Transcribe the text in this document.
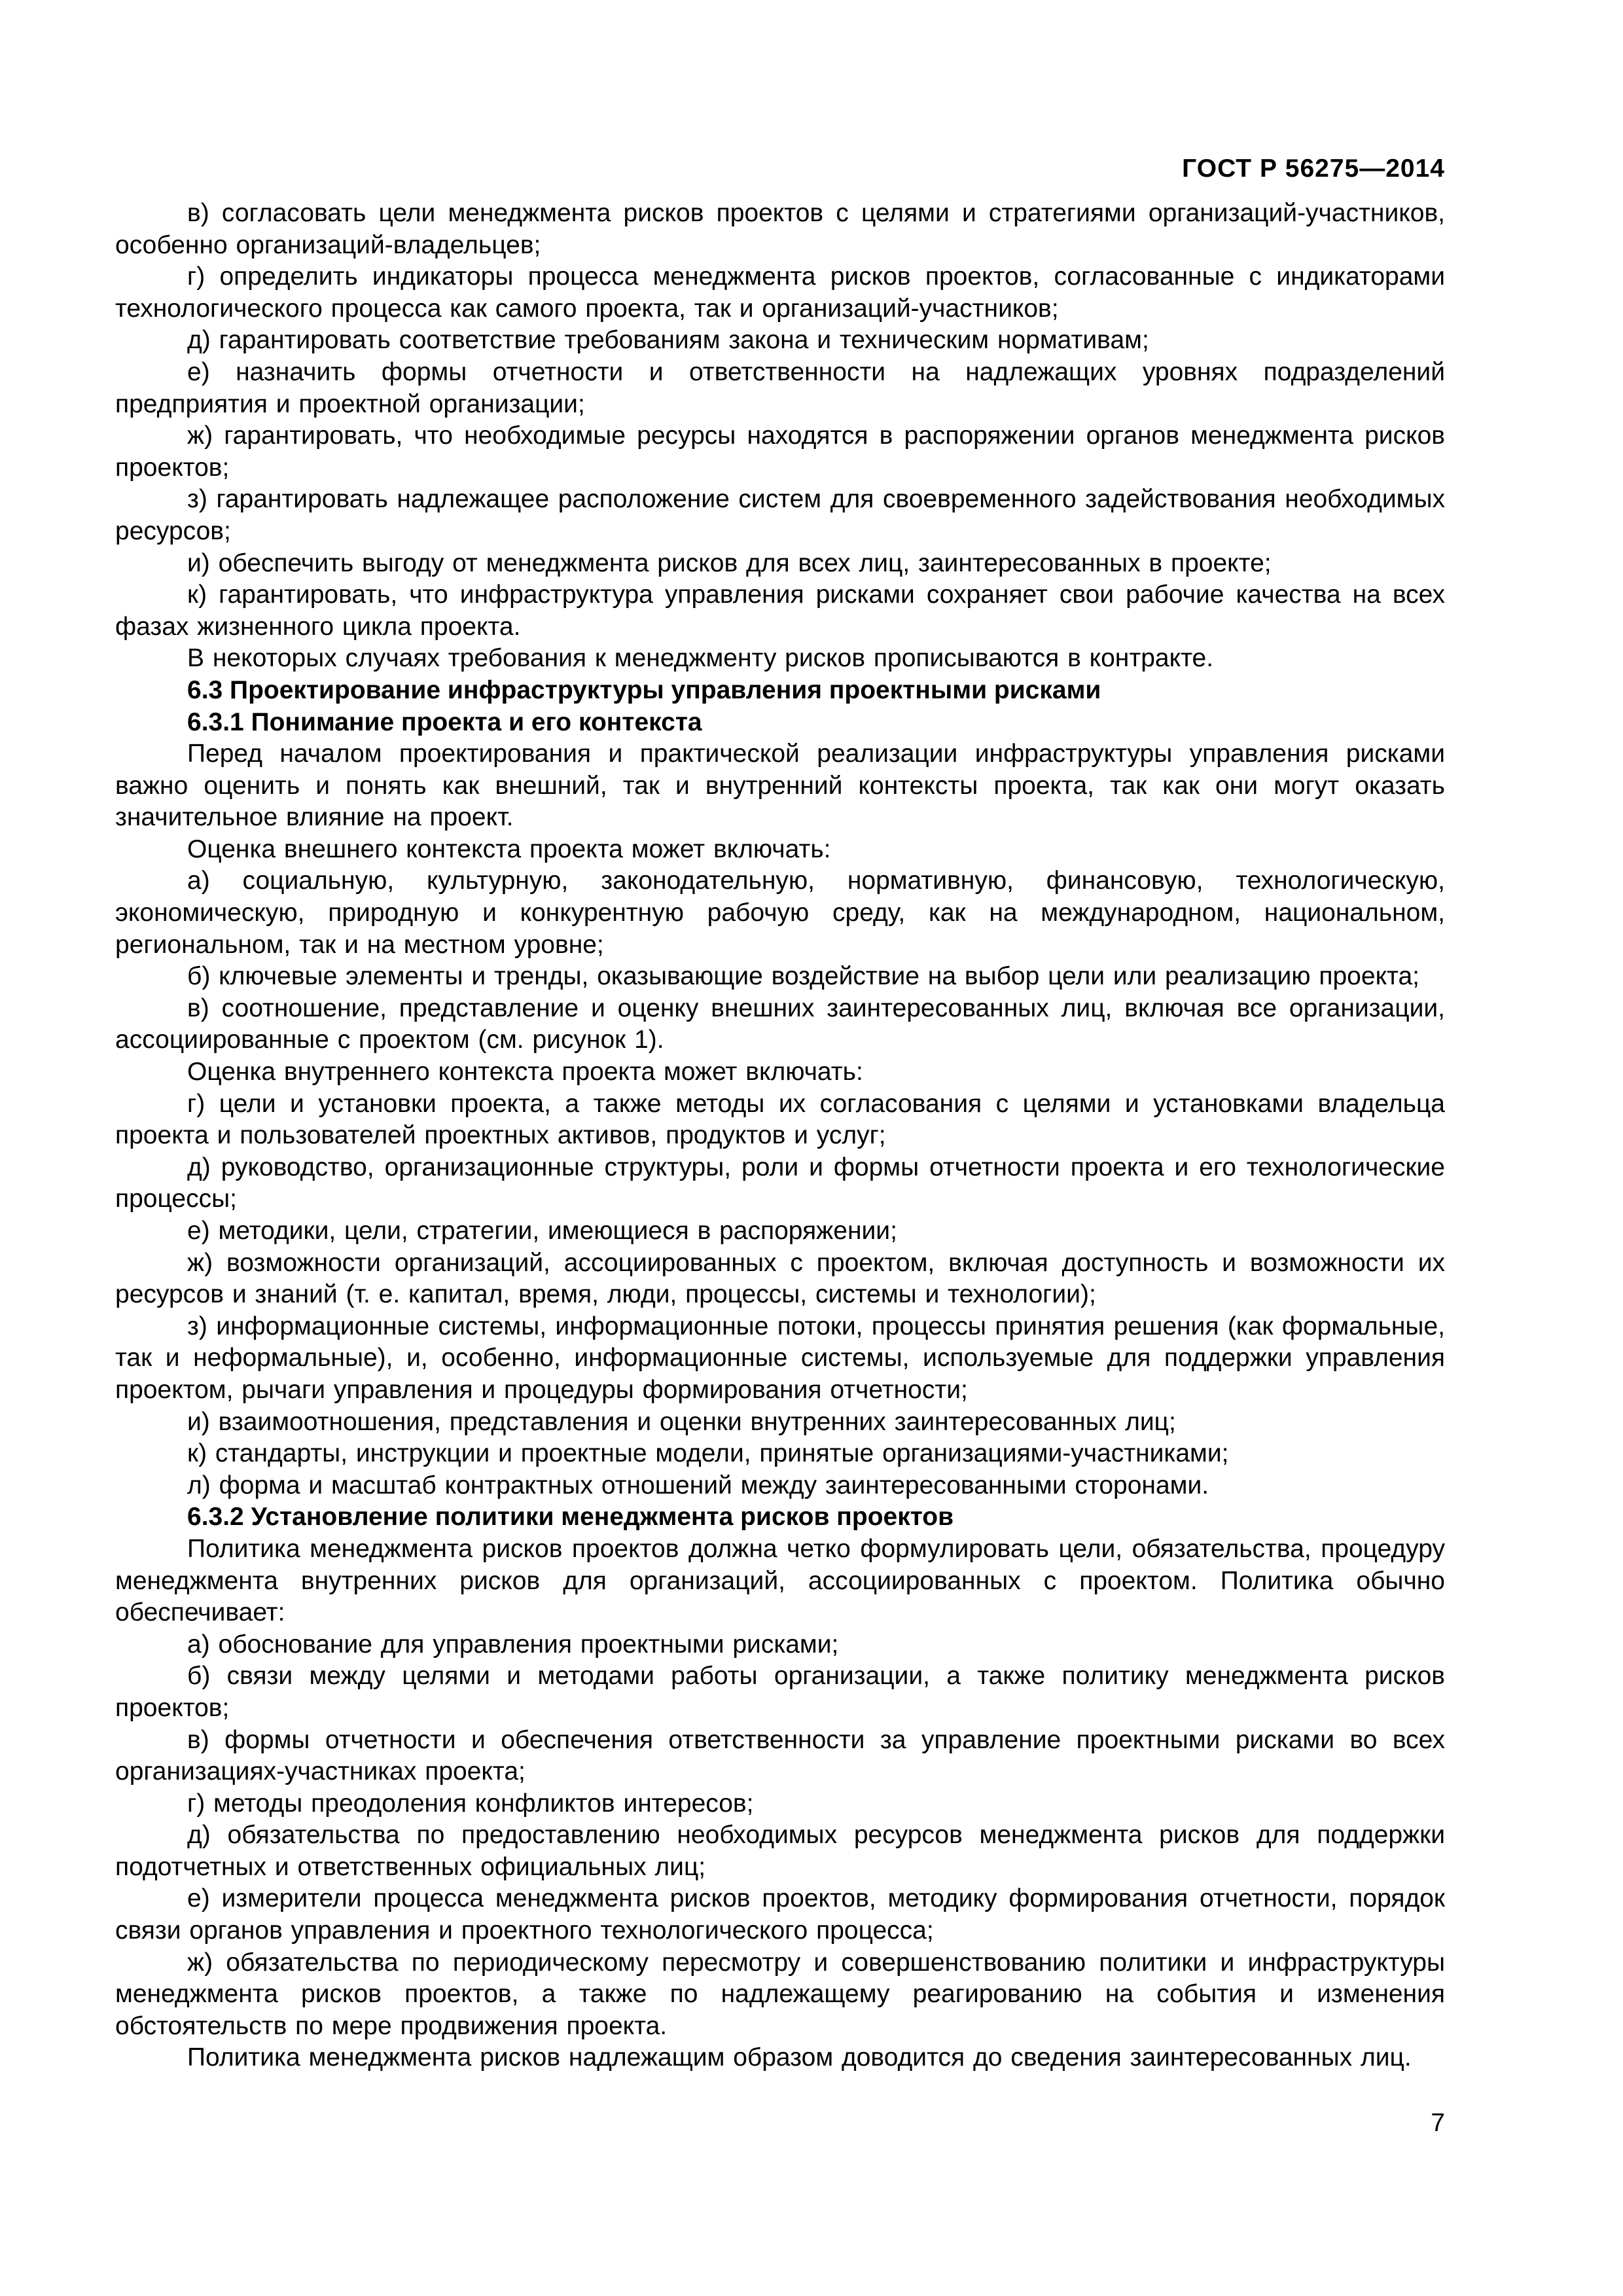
ГОСТ Р 56275—2014

в) согласовать цели менеджмента рисков проектов с целями и стратегиями организаций-участников, особенно организаций-владельцев;

г) определить индикаторы процесса менеджмента рисков проектов, согласованные с индикаторами технологического процесса как самого проекта, так и организаций-участников;

д) гарантировать соответствие требованиям закона и техническим нормативам;

е) назначить формы отчетности и ответственности на надлежащих уровнях подразделений предприятия и проектной организации;

ж) гарантировать, что необходимые ресурсы находятся в распоряжении органов менеджмента рисков проектов;

з) гарантировать надлежащее расположение систем для своевременного задействования необходимых ресурсов;

и) обеспечить выгоду от менеджмента рисков для всех лиц, заинтересованных в проекте;

к) гарантировать, что инфраструктура управления рисками сохраняет свои рабочие качества на всех фазах жизненного цикла проекта.

В некоторых случаях требования к менеджменту рисков прописываются в контракте.

6.3 Проектирование инфраструктуры управления проектными рисками

6.3.1 Понимание проекта и его контекста

Перед началом проектирования и практической реализации инфраструктуры управления рисками важно оценить и понять как внешний, так и внутренний контексты проекта, так как они могут оказать значительное влияние на проект.

Оценка внешнего контекста проекта может включать:

а) социальную, культурную, законодательную, нормативную, финансовую, технологическую, экономическую, природную и конкурентную рабочую среду, как на международном, национальном, региональном, так и на местном уровне;

б) ключевые элементы и тренды, оказывающие воздействие на выбор цели или реализацию проекта;

в) соотношение, представление и оценку внешних заинтересованных лиц, включая все организации, ассоциированные с проектом (см. рисунок 1).

Оценка внутреннего контекста проекта может включать:

г) цели и установки проекта, а также методы их согласования с целями и установками владельца проекта и пользователей проектных активов, продуктов и услуг;

д) руководство, организационные структуры, роли и формы отчетности проекта и его технологические процессы;

е) методики, цели, стратегии, имеющиеся в распоряжении;

ж) возможности организаций, ассоциированных с проектом, включая доступность и возможности их ресурсов и знаний (т. е. капитал, время, люди, процессы, системы и технологии);

з) информационные системы, информационные потоки, процессы принятия решения (как формальные, так и неформальные), и, особенно, информационные системы, используемые для поддержки управления проектом, рычаги управления и процедуры формирования отчетности;

и) взаимоотношения, представления и оценки внутренних заинтересованных лиц;

к) стандарты, инструкции и проектные модели, принятые организациями-участниками;

л) форма и масштаб контрактных отношений между заинтересованными сторонами.

6.3.2 Установление политики менеджмента рисков проектов

Политика менеджмента рисков проектов должна четко формулировать цели, обязательства, процедуру менеджмента внутренних рисков для организаций, ассоциированных с проектом. Политика обычно обеспечивает:

а) обоснование для управления проектными рисками;

б) связи между целями и методами работы организации, а также политику менеджмента рисков проектов;

в) формы отчетности и обеспечения ответственности за управление проектными рисками во всех организациях-участниках проекта;

г) методы преодоления конфликтов интересов;

д) обязательства по предоставлению необходимых ресурсов менеджмента рисков для поддержки подотчетных и ответственных официальных лиц;

е) измерители процесса менеджмента рисков проектов, методику формирования отчетности, порядок связи органов управления и проектного технологического процесса;

ж) обязательства по периодическому пересмотру и совершенствованию политики и инфраструктуры менеджмента рисков проектов, а также по надлежащему реагированию на события и изменения обстоятельств по мере продвижения проекта.

Политика менеджмента рисков надлежащим образом доводится до сведения заинтересованных лиц.

7
